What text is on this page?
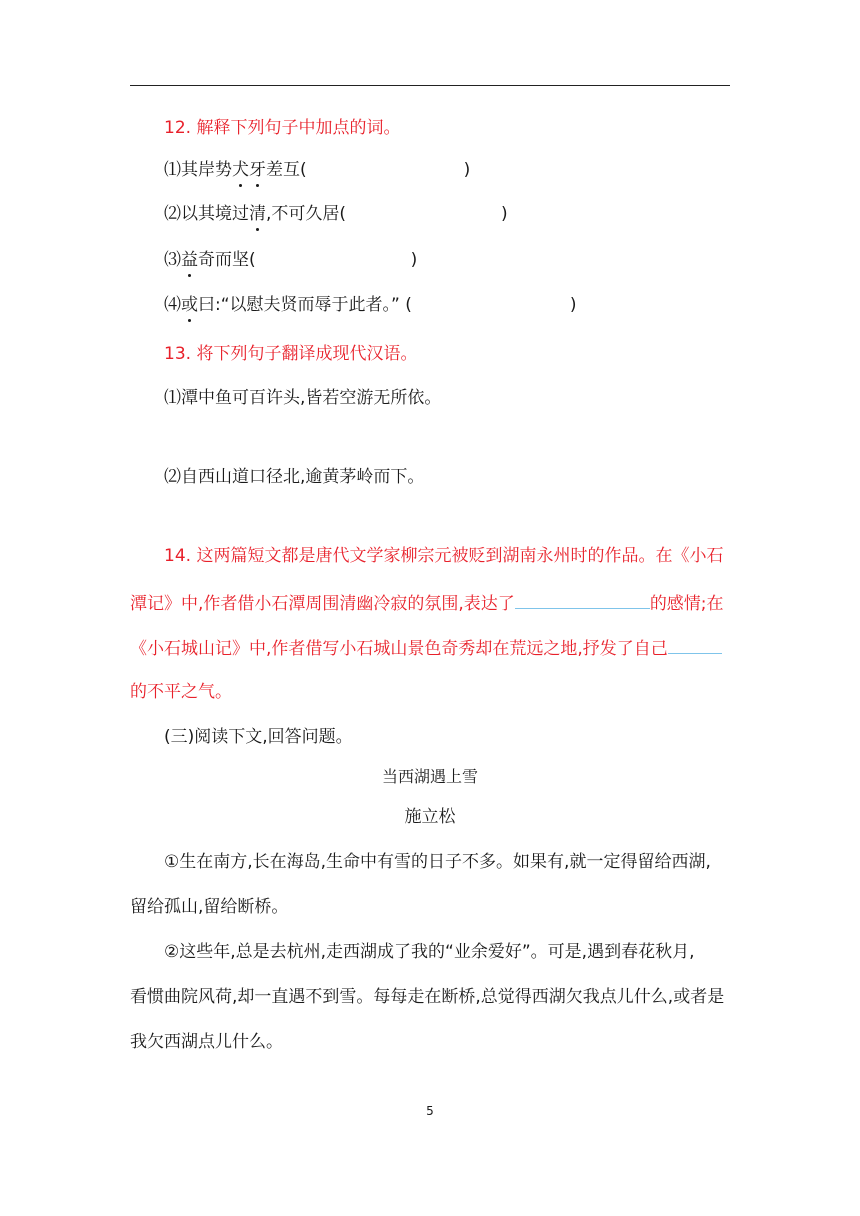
12. 解释下列句子中加点的词。
⑴其岸势犬牙差互(	)
⑵以其境过清,不可久居(	)
⑶益奇而坚(	)
⑷或曰:“以慰夫贤而辱于此者。” (	)
13. 将下列句子翻译成现代汉语。
⑴潭中鱼可百许头,皆若空游无所依。
⑵自西山道口径北,逾黄茅岭而下。
14. 这两篇短文都是唐代文学家柳宗元被贬到湖南永州时的作品。在《小石
潭记》中,作者借小石潭周围清幽冷寂的氛围,表达了	的感情;在
《小石城山记》中,作者借写小石城山景色奇秀却在荒远之地,抒发了自己
的不平之气。
(三)阅读下文,回答问题。
当西湖遇上雪
施立松
①生在南方,长在海岛,生命中有雪的日子不多。如果有,就一定得留给西湖,
留给孤山,留给断桥。
②这些年,总是去杭州,走西湖成了我的“业余爱好”。可是,遇到春花秋月,
看惯曲院风荷,却一直遇不到雪。每每走在断桥,总觉得西湖欠我点儿什么,或者是
我欠西湖点儿什么。
5
